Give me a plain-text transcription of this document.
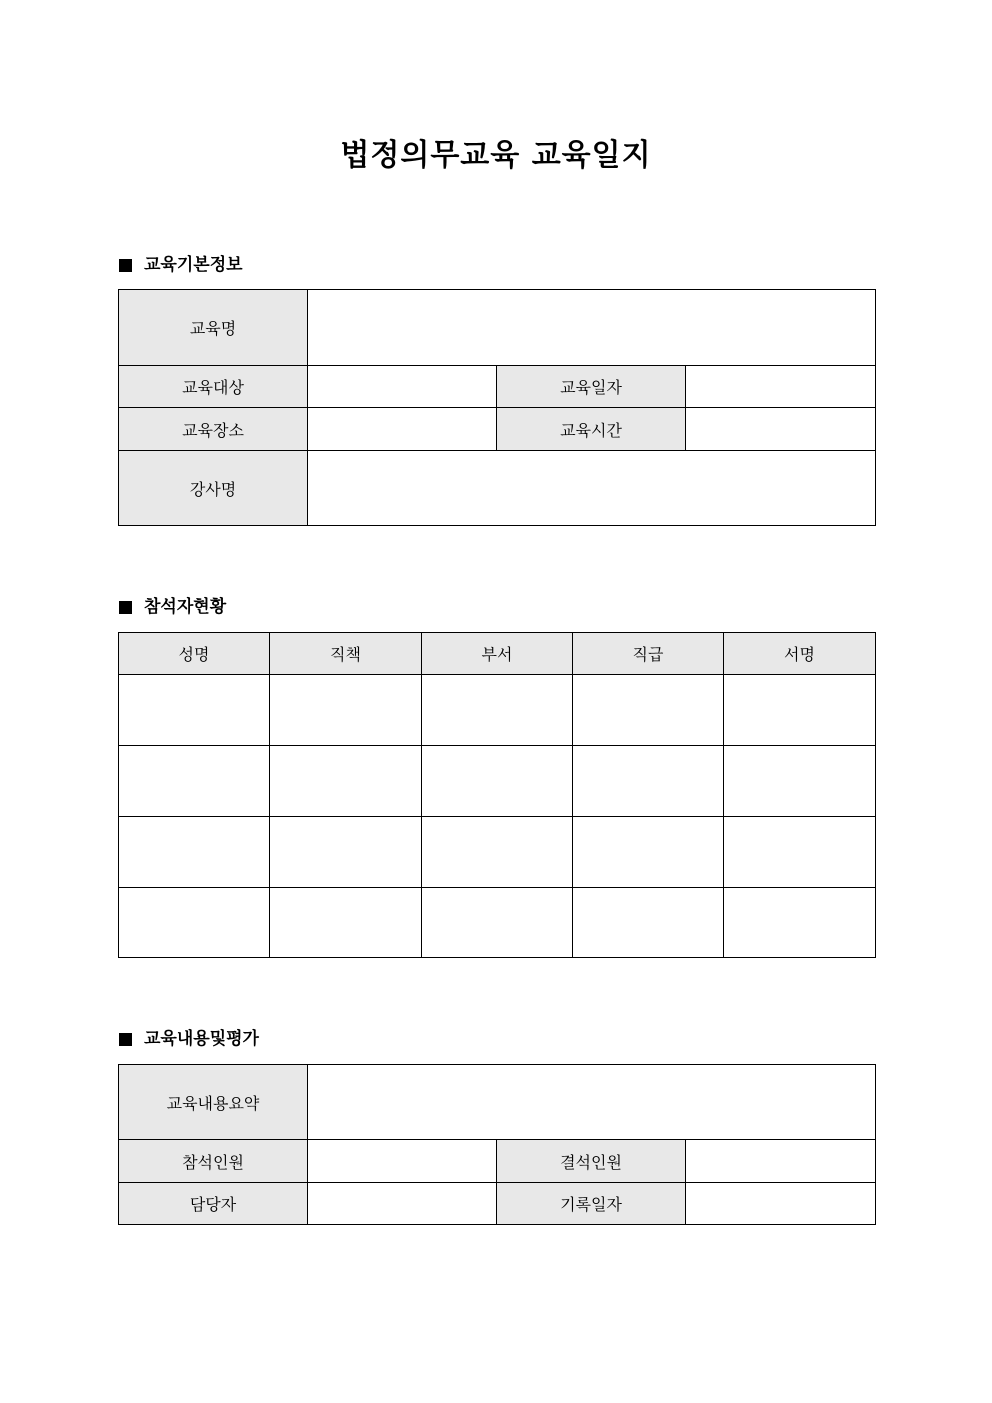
법정의무교육 교육일지
교육기본정보
교육명			
교육대상		교육일자	
교육장소		교육시간	
강사명			
참석자현황
성명	직책	부서	직급	서명

교육내용및평가
교육내용요약			
참석인원		결석인원	
담당자		기록일자	
